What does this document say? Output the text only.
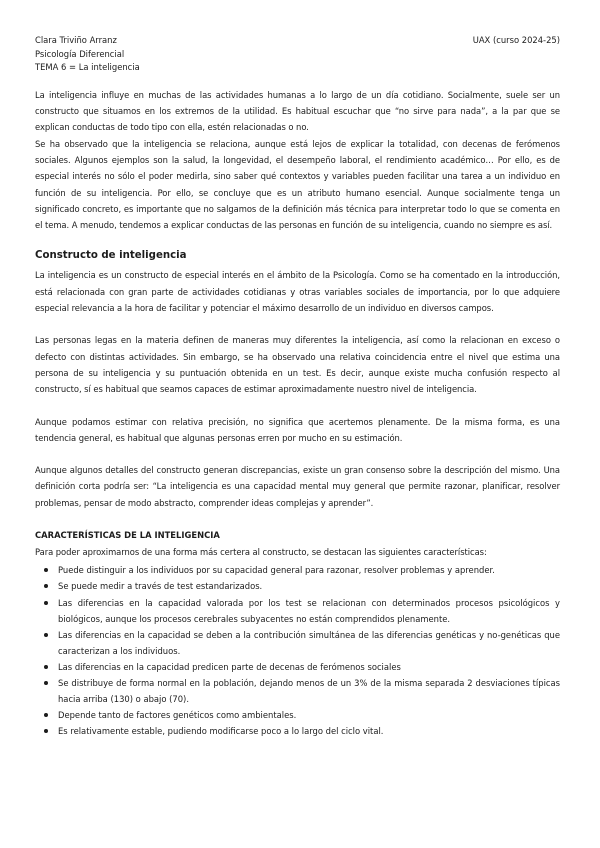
Clara Triviño Arranz	UAX (curso 2024-25)
Psicología Diferencial
TEMA 6 = La inteligencia

La inteligencia influye en muchas de las actividades humanas a lo largo de un día cotidiano. Socialmente, suele ser un constructo que situamos en los extremos de la utilidad. Es habitual escuchar que “no sirve para nada”, a la par que se explican conductas de todo tipo con ella, estén relacionadas o no.

Se ha observado que la inteligencia se relaciona, aunque está lejos de explicar la totalidad, con decenas de ferómenos sociales. Algunos ejemplos son la salud, la longevidad, el desempeño laboral, el rendimiento académico… Por ello, es de especial interés no sólo el poder medirla, sino saber qué contextos y variables pueden facilitar una tarea a un individuo en función de su inteligencia. Por ello, se concluye que es un atributo humano esencial. Aunque socialmente tenga un significado concreto, es importante que no salgamos de la definición más técnica para interpretar todo lo que se comenta en el tema. A menudo, tendemos a explicar conductas de las personas en función de su inteligencia, cuando no siempre es así.

Constructo de inteligencia

La inteligencia es un constructo de especial interés en el ámbito de la Psicología. Como se ha comentado en la introducción, está relacionada con gran parte de actividades cotidianas y otras variables sociales de importancia, por lo que adquiere especial relevancia a la hora de facilitar y potenciar el máximo desarrollo de un individuo en diversos campos.

Las personas legas en la materia definen de maneras muy diferentes la inteligencia, así como la relacionan en exceso o defecto con distintas actividades. Sin embargo, se ha observado una relativa coincidencia entre el nivel que estima una persona de su inteligencia y su puntuación obtenida en un test. Es decir, aunque existe mucha confusión respecto al constructo, sí es habitual que seamos capaces de estimar aproximadamente nuestro nivel de inteligencia.

Aunque podamos estimar con relativa precisión, no significa que acertemos plenamente. De la misma forma, es una tendencia general, es habitual que algunas personas erren por mucho en su estimación.

Aunque algunos detalles del constructo generan discrepancias, existe un gran consenso sobre la descripción del mismo. Una definición corta podría ser: “La inteligencia es una capacidad mental muy general que permite razonar, planificar, resolver problemas, pensar de modo abstracto, comprender ideas complejas y aprender”.

CARACTERÍSTICAS DE LA INTELIGENCIA

Para poder aproximarnos de una forma más certera al constructo, se destacan las siguientes características:

Puede distinguir a los individuos por su capacidad general para razonar, resolver problemas y aprender.
Se puede medir a través de test estandarizados.
Las diferencias en la capacidad valorada por los test se relacionan con determinados procesos psicológicos y biológicos, aunque los procesos cerebrales subyacentes no están comprendidos plenamente.
Las diferencias en la capacidad se deben a la contribución simultánea de las diferencias genéticas y no-genéticas que caracterizan a los individuos.
Las diferencias en la capacidad predicen parte de decenas de ferómenos sociales
Se distribuye de forma normal en la población, dejando menos de un 3% de la misma separada 2 desviaciones típicas hacia arriba (130) o abajo (70).
Depende tanto de factores genéticos como ambientales.
Es relativamente estable, pudiendo modificarse poco a lo largo del ciclo vital.
